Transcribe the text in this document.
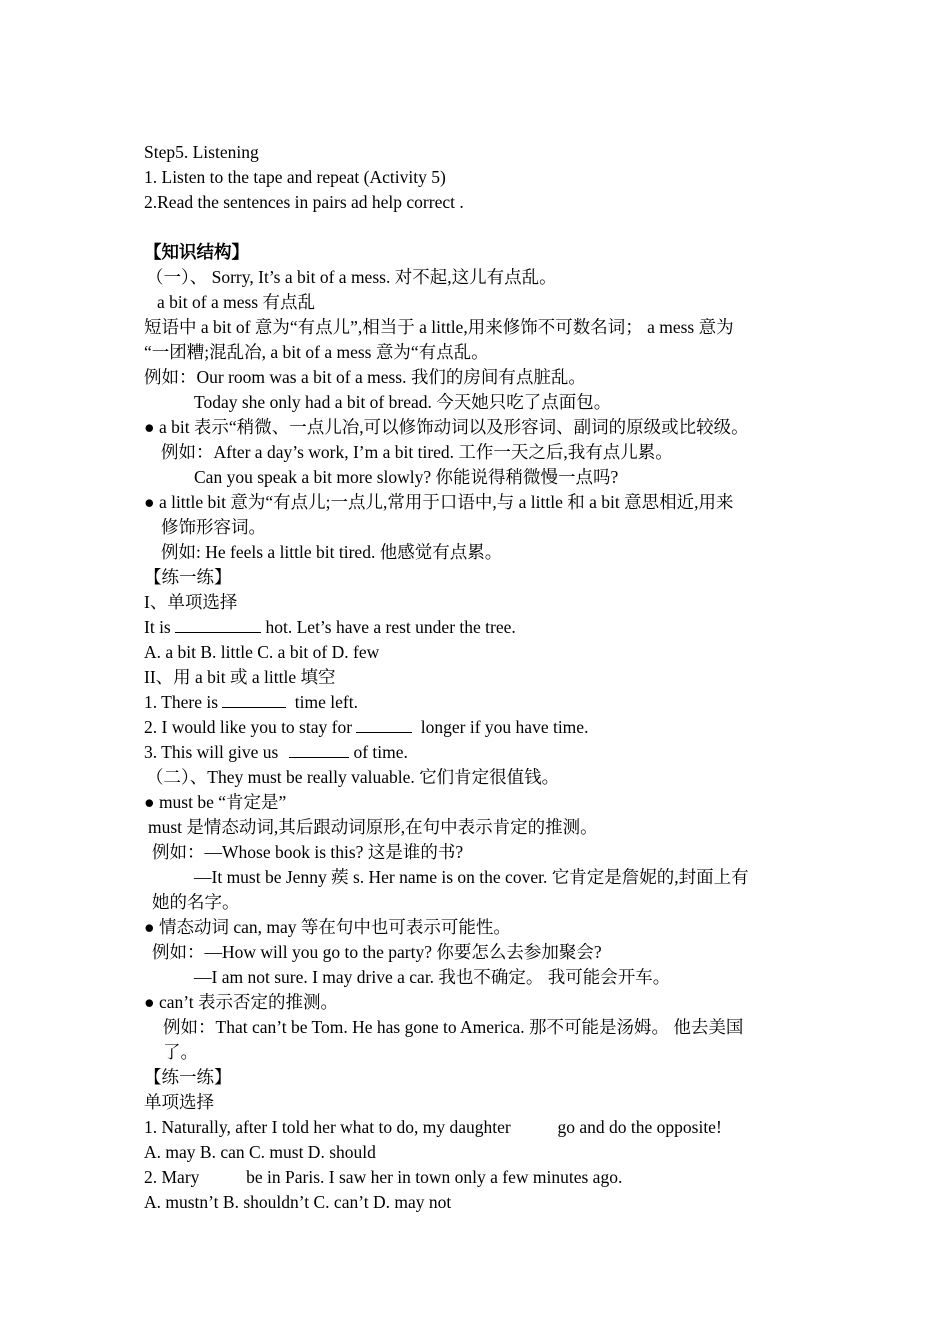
Step5. Listening
1. Listen to the tape and repeat (Activity 5)
2.Read the sentences in pairs ad help correct .
【知识结构】
（一）、 Sorry, It’s a bit of a mess. 对不起,这儿有点乱。
a bit of a mess 有点乱
短语中 a bit of 意为“有点儿”,相当于 a little,用来修饰不可数名词； a mess 意为
“一团糟;混乱冶, a bit of a mess 意为“有点乱。
例如：Our room was a bit of a mess. 我们的房间有点脏乱。
Today she only had a bit of bread. 今天她只吃了点面包。
● a bit 表示“稍微、一点儿冶,可以修饰动词以及形容词、副词的原级或比较级。
例如：After a day’s work, I’m a bit tired. 工作一天之后,我有点儿累。
Can you speak a bit more slowly? 你能说得稍微慢一点吗?
● a little bit 意为“有点儿;一点儿,常用于口语中,与 a little 和 a bit 意思相近,用来
修饰形容词。
例如: He feels a little bit tired. 他感觉有点累。
【练一练】
I、单项选择
It is	hot. Let’s have a rest under the tree.
A. a bit B. little C. a bit of D. few
II、用 a bit 或 a little 填空
1. There is	time left.
2. I would like you to stay for	longer if you have time.
3. This will give us	of time.
（二）、They must be really valuable. 它们肯定很值钱。
● must be “肯定是”
must 是情态动词,其后跟动词原形,在句中表示肯定的推测。
例如：—Whose book is this? 这是谁的书?
—It must be Jenny 蒺 s. Her name is on the cover. 它肯定是詹妮的,封面上有
她的名字。
● 情态动词 can, may 等在句中也可表示可能性。
例如：—How will you go to the party? 你要怎么去参加聚会?
—I am not sure. I may drive a car. 我也不确定。 我可能会开车。
● can’t 表示否定的推测。
例如：That can’t be Tom. He has gone to America. 那不可能是汤姆。 他去美国
了。
【练一练】
单项选择
1. Naturally, after I told her what to do, my daughter	go and do the opposite!
A. may B. can C. must D. should
2. Mary	be in Paris. I saw her in town only a few minutes ago.
A. mustn’t B. shouldn’t C. can’t D. may not
